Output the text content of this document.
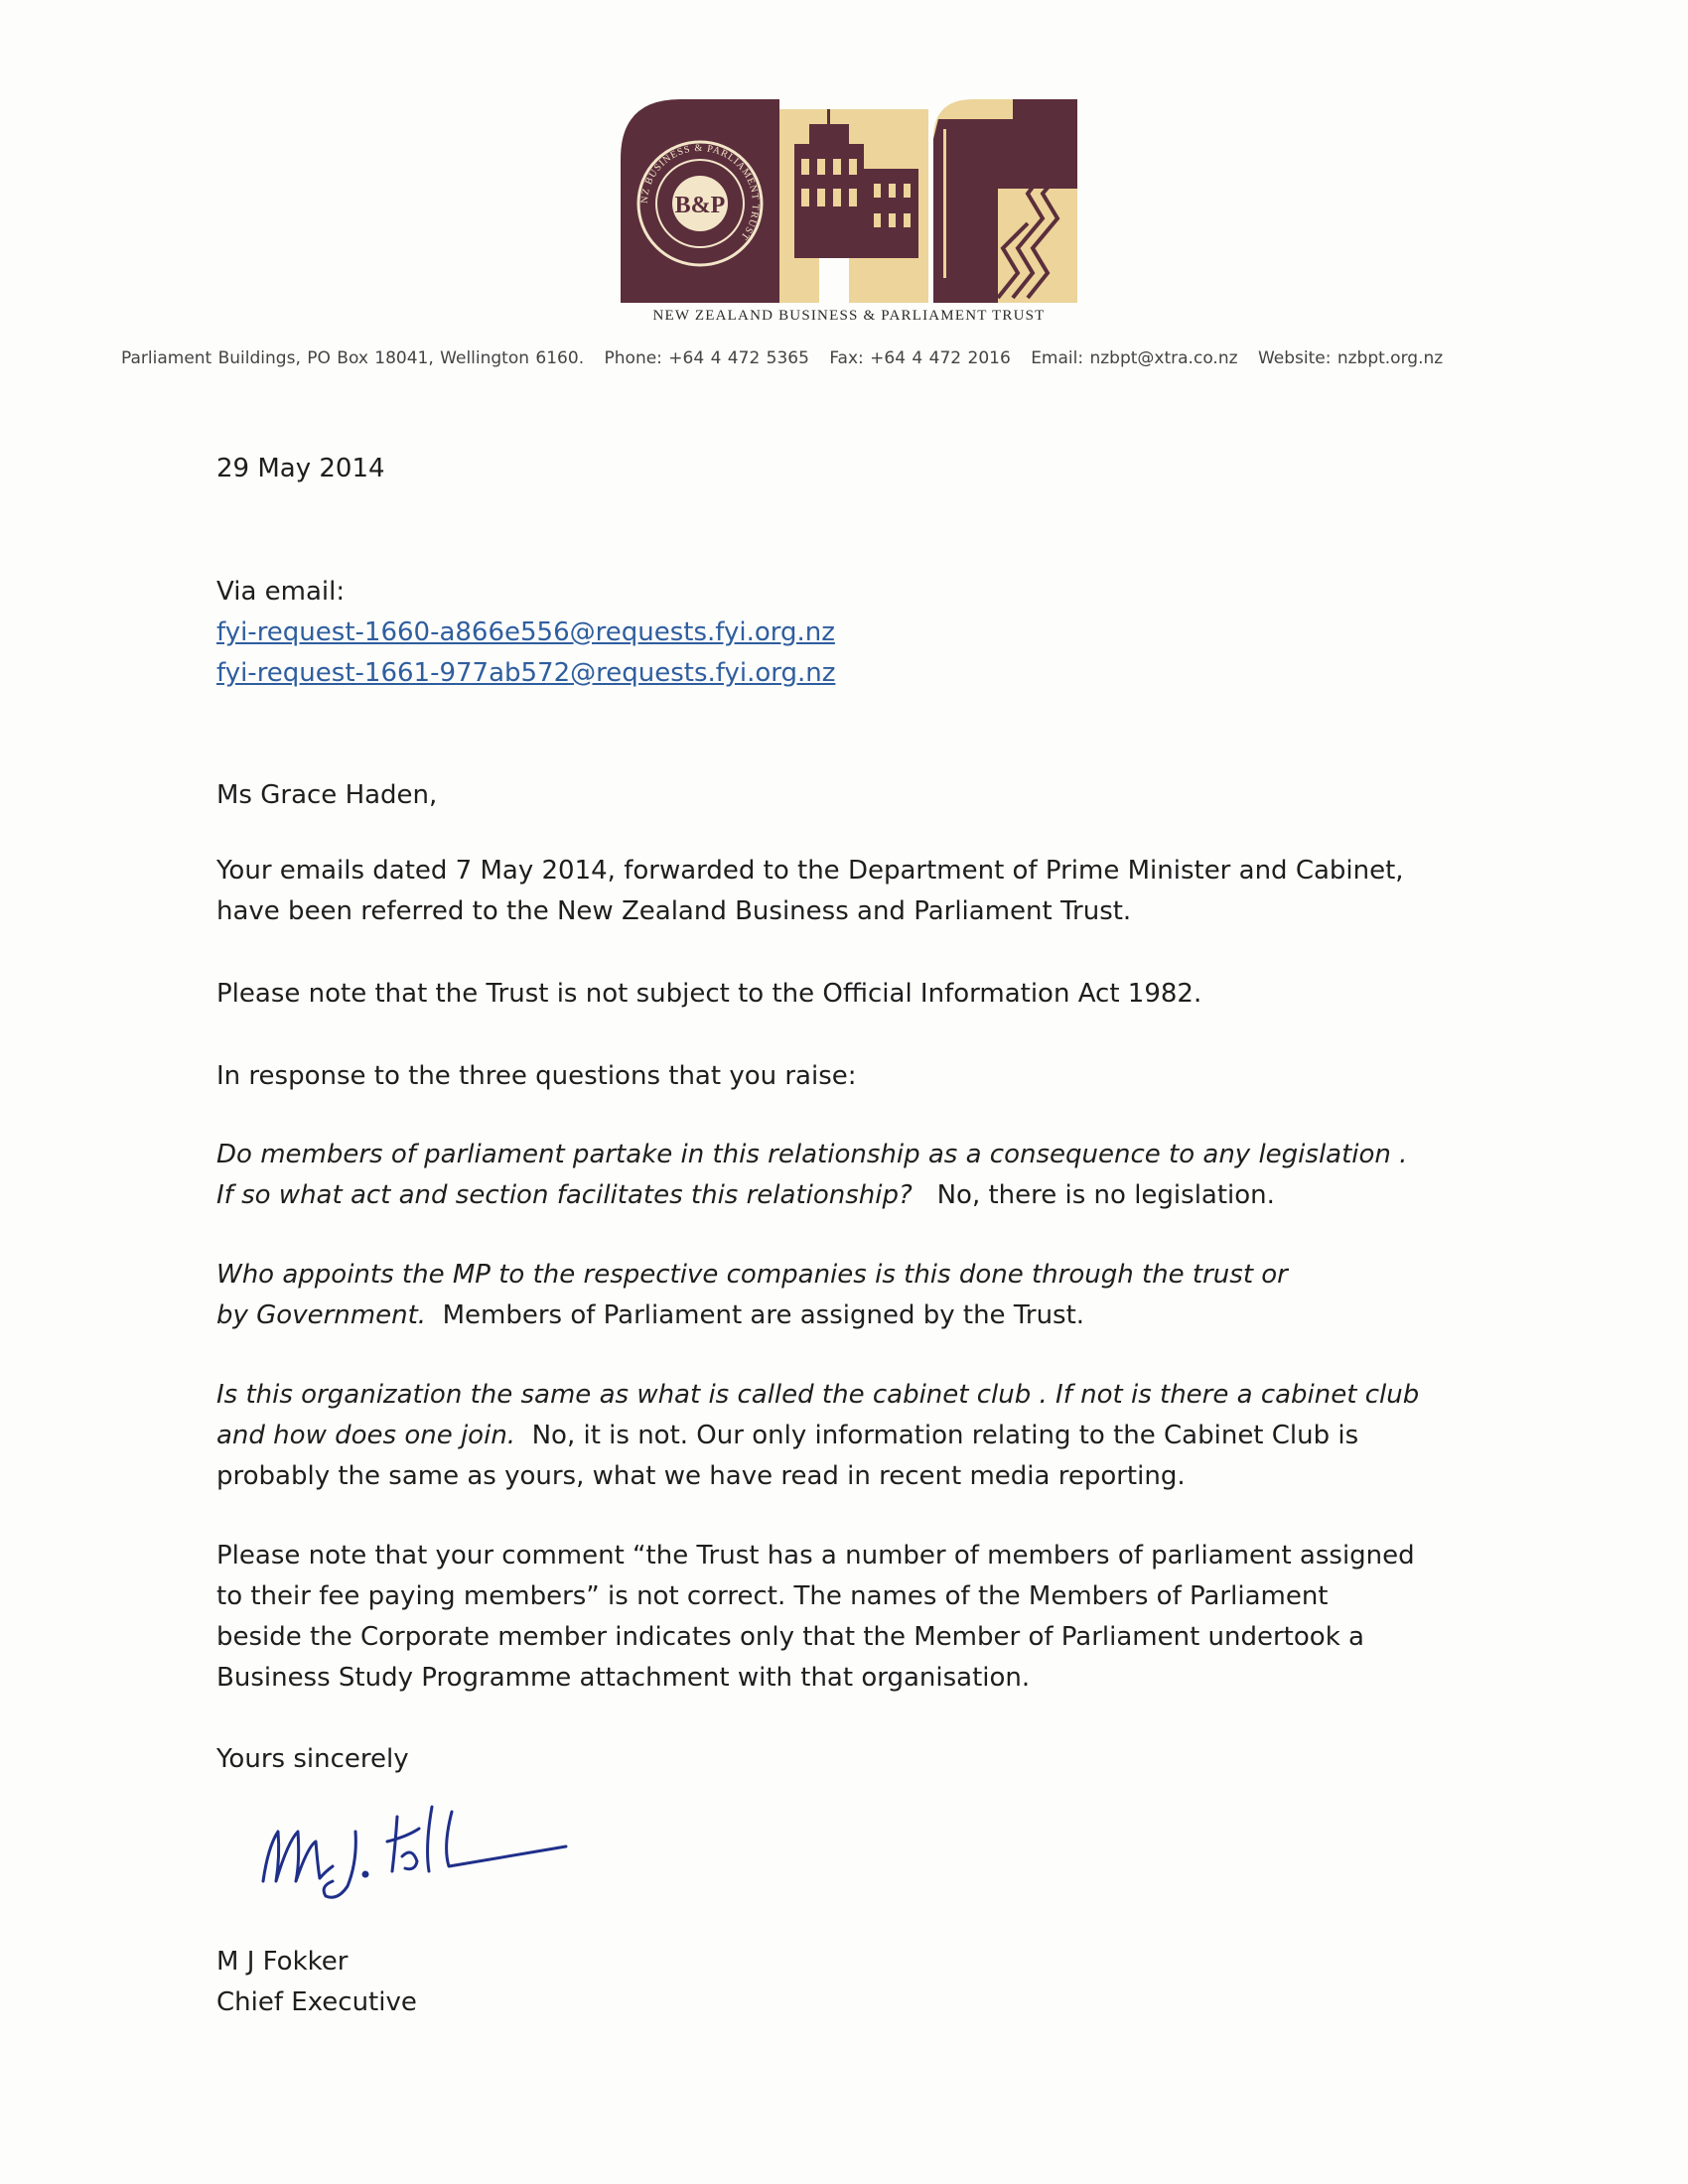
B&P
NZ BUSINESS & PARLIAMENT TRUST
NEW ZEALAND BUSINESS & PARLIAMENT TRUST
Parliament Buildings, PO Box 18041, Wellington 6160. Phone: +64 4 472 5365 Fax: +64 4 472 2016 Email: nzbpt@xtra.co.nz Website: nzbpt.org.nz
29 May 2014
Via email:
fyi-request-1660-a866e556@requests.fyi.org.nz
fyi-request-1661-977ab572@requests.fyi.org.nz
Ms Grace Haden,
Your emails dated 7 May 2014, forwarded to the Department of Prime Minister and Cabinet,
have been referred to the New Zealand Business and Parliament Trust.
Please note that the Trust is not subject to the Official Information Act 1982.
In response to the three questions that you raise:
Do members of parliament partake in this relationship as a consequence to any legislation .
If so what act and section facilitates this relationship? No, there is no legislation.
Who appoints the MP to the respective companies is this done through the trust or
by Government. Members of Parliament are assigned by the Trust.
Is this organization the same as what is called the cabinet club . If not is there a cabinet club
and how does one join. No, it is not. Our only information relating to the Cabinet Club is
probably the same as yours, what we have read in recent media reporting.
Please note that your comment “the Trust has a number of members of parliament assigned
to their fee paying members” is not correct. The names of the Members of Parliament
beside the Corporate member indicates only that the Member of Parliament undertook a
Business Study Programme attachment with that organisation.
Yours sincerely
M J Fokker
Chief Executive
